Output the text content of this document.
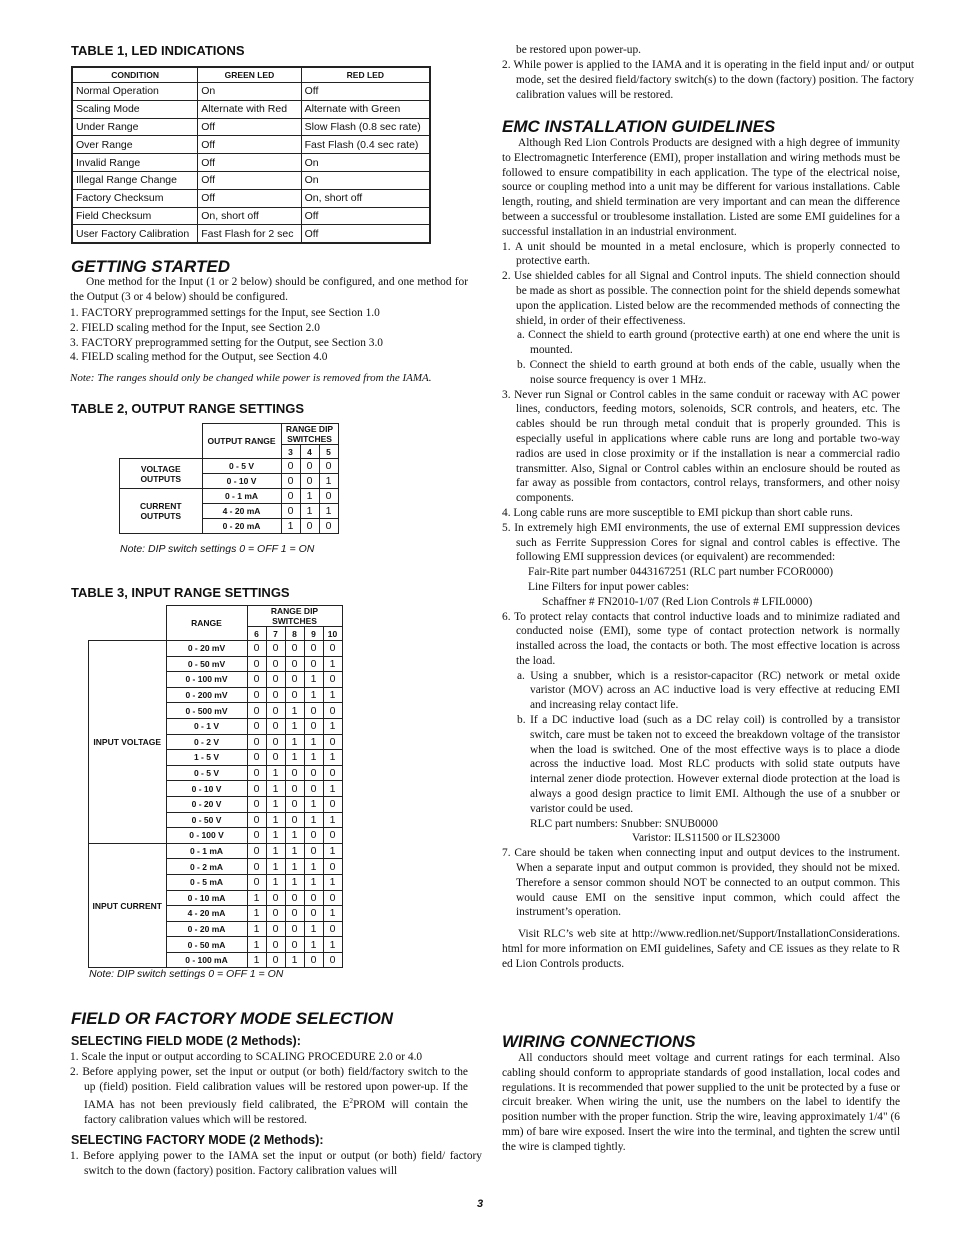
TABLE 1, LED INDICATIONS
CONDITION	GREEN LED	RED LED
Normal Operation	On	Off
Scaling Mode	Alternate with Red	Alternate with Green
Under Range	Off	Slow Flash (0.8 sec rate)
Over Range	Off	Fast Flash (0.4 sec rate)
Invalid Range	Off	On
Illegal Range Change	Off	On
Factory Checksum	Off	On, short off
Field Checksum	On, short off	Off
User Factory Calibration	Fast Flash for 2 sec	Off
GETTING STARTED
One method for the Input (1 or 2 below) should be configured, and one method for the Output (3 or 4 below) should be configured.
1. FACTORY preprogrammed settings for the Input, see Section 1.0
2. FIELD scaling method for the Input, see Section 2.0
3. FACTORY preprogrammed setting for the Output, see Section 3.0
4. FIELD scaling method for the Output, see Section 4.0
Note: The ranges should only be changed while power is removed from the IAMA.
TABLE 2, OUTPUT RANGE SETTINGS
	OUTPUT RANGE	RANGE DIP SWITCHES		
		3	4	5
VOLTAGE OUTPUTS	0 - 5 V	0	0	0
	0 - 10 V	0	0	1
CURRENT OUTPUTS	0 - 1 mA	0	1	0
	4 - 20 mA	0	1	1
	0 - 20 mA	1	0	0
Note: DIP switch settings 0 = OFF 1 = ON
TABLE 3, INPUT RANGE SETTINGS
	RANGE	RANGE DIP SWITCHES				
		6	7	8	9	10
INPUT VOLTAGE	0 - 20 mV	0	0	0	0	0
	0 - 50 mV	0	0	0	0	1
	0 - 100 mV	0	0	0	1	0
	0 - 200 mV	0	0	0	1	1
	0 - 500 mV	0	0	1	0	0
	0 - 1 V	0	0	1	0	1
	0 - 2 V	0	0	1	1	0
	1 - 5 V	0	0	1	1	1
	0 - 5 V	0	1	0	0	0
	0 - 10 V	0	1	0	0	1
	0 - 20 V	0	1	0	1	0
	0 - 50 V	0	1	0	1	1
	0 - 100 V	0	1	1	0	0
INPUT CURRENT	0 - 1 mA	0	1	1	0	1
	0 - 2 mA	0	1	1	1	0
	0 - 5 mA	0	1	1	1	1
	0 - 10 mA	1	0	0	0	0
	4 - 20 mA	1	0	0	0	1
	0 - 20 mA	1	0	0	1	0
	0 - 50 mA	1	0	0	1	1
	0 - 100 mA	1	0	1	0	0
Note: DIP switch settings 0 = OFF 1 = ON
FIELD OR FACTORY MODE SELECTION
SELECTING FIELD MODE (2 Methods):
1. Scale the input or output according to SCALING PROCEDURE 2.0 or 4.0
2. Before applying power, set the input or output (or both) field/factory switch to the up (field) position. Field calibration values will be restored upon power-up. If the IAMA has not been previously field calibrated, the $E^2PROM$ will contain the factory calibration values which will be restored.
SELECTING FACTORY MODE (2 Methods):
1. Before applying power to the IAMA set the input or output (or both) field/ factory switch to the down (factory) position. Factory calibration values will
be restored upon power-up.
2. While power is applied to the IAMA and it is operating in the field input and/ or output mode, set the desired field/factory switch(s) to the down (factory) position. The factory calibration values will be restored.
EMC INSTALLATION GUIDELINES
Although Red Lion Controls Products are designed with a high degree of immunity to Electromagnetic Interference (EMI), proper installation and wiring methods must be followed to ensure compatibility in each application. The type of the electrical noise, source or coupling method into a unit may be different for various installations. Cable length, routing, and shield termination are very important and can mean the difference between a successful or troublesome installation. Listed are some EMI guidelines for a successful installation in an industrial environment.
1. A unit should be mounted in a metal enclosure, which is properly connected to protective earth.
2. Use shielded cables for all Signal and Control inputs. The shield connection should be made as short as possible. The connection point for the shield depends somewhat upon the application. Listed below are the recommended methods of connecting the shield, in order of their effectiveness.
a. Connect the shield to earth ground (protective earth) at one end where the unit is mounted.
b. Connect the shield to earth ground at both ends of the cable, usually when the noise source frequency is over 1 MHz.
3. Never run Signal or Control cables in the same conduit or raceway with AC power lines, conductors, feeding motors, solenoids, SCR controls, and heaters, etc. The cables should be run through metal conduit that is properly grounded. This is especially useful in applications where cable runs are long and portable two-way radios are used in close proximity or if the installation is near a commercial radio transmitter. Also, Signal or Control cables within an enclosure should be routed as far away as possible from contactors, control relays, transformers, and other noisy components.
4. Long cable runs are more susceptible to EMI pickup than short cable runs.
5. In extremely high EMI environments, the use of external EMI suppression devices such as Ferrite Suppression Cores for signal and control cables is effective. The following EMI suppression devices (or equivalent) are recommended:
Fair-Rite part number 0443167251 (RLC part number FCOR0000)
Line Filters for input power cables:
Schaffner # FN2010-1/07 (Red Lion Controls # LFIL0000)
6. To protect relay contacts that control inductive loads and to minimize radiated and conducted noise (EMI), some type of contact protection network is normally installed across the load, the contacts or both. The most effective location is across the load.
a. Using a snubber, which is a resistor-capacitor (RC) network or metal oxide varistor (MOV) across an AC inductive load is very effective at reducing EMI and increasing relay contact life.
b. If a DC inductive load (such as a DC relay coil) is controlled by a transistor switch, care must be taken not to exceed the breakdown voltage of the transistor when the load is switched. One of the most effective ways is to place a diode across the inductive load. Most RLC products with solid state outputs have internal zener diode protection. However external diode protection at the load is always a good design practice to limit EMI. Although the use of a snubber or varistor could be used.
RLC part numbers: Snubber: SNUB0000
Varistor: ILS11500 or ILS23000
7. Care should be taken when connecting input and output devices to the instrument. When a separate input and output common is provided, they should not be mixed. Therefore a sensor common should NOT be connected to an output common. This would cause EMI on the sensitive input common, which could affect the instrument’s operation.
Visit RLC’s web site at http://www.redlion.net/Support/InstallationConsiderations.html for more information on EMI guidelines, Safety and CE issues as they relate to Red Lion Controls products.
WIRING CONNECTIONS
All conductors should meet voltage and current ratings for each terminal. Also cabling should conform to appropriate standards of good installation, local codes and regulations. It is recommended that power supplied to the unit be protected by a fuse or circuit breaker. When wiring the unit, use the numbers on the label to identify the position number with the proper function. Strip the wire, leaving approximately 1/4" (6 mm) of bare wire exposed. Insert the wire into the terminal, and tighten the screw until the wire is clamped tightly.
3
